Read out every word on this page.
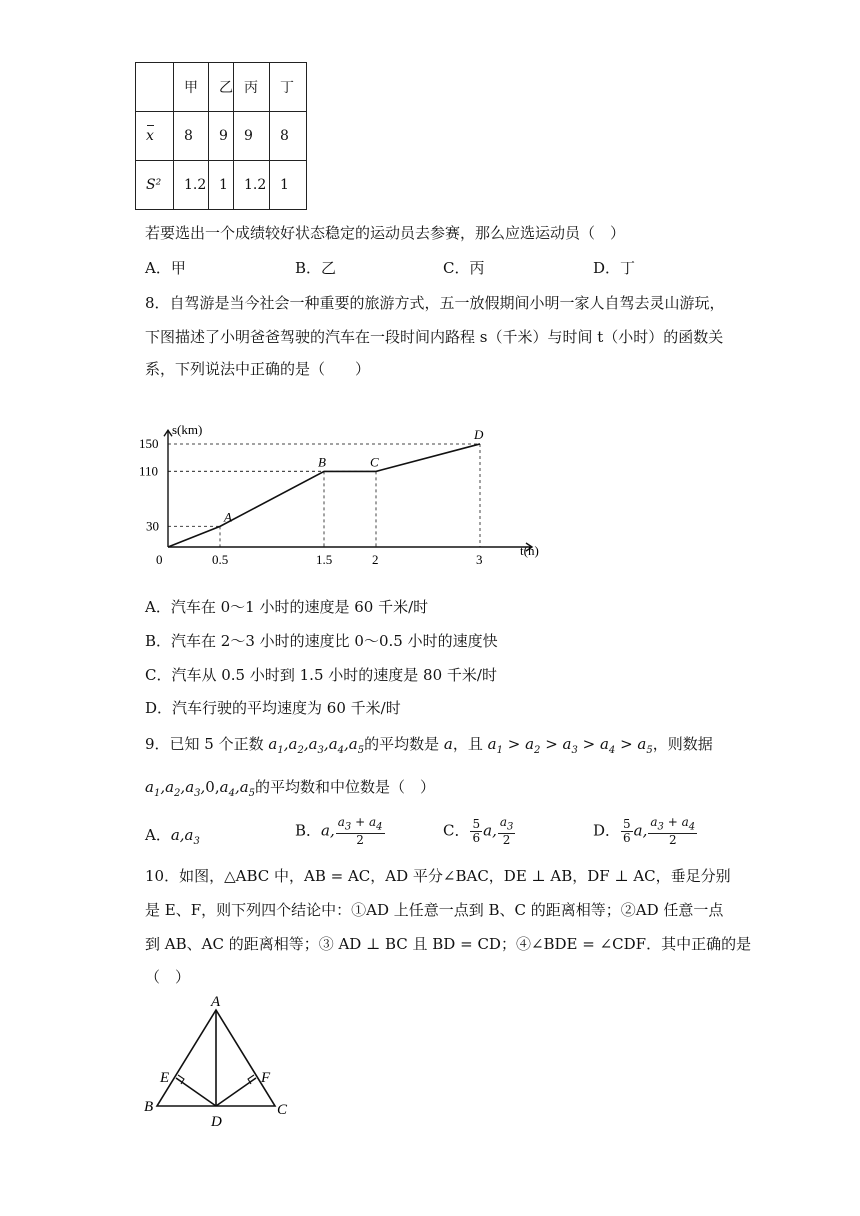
	甲	乙	丙	丁
x	8	9	9	8
S²	1.2	1	1.2	1
若要选出一个成绩较好状态稳定的运动员去参赛，那么应选运动员（　）
A．甲	B．乙	C．丙	D．丁
8．自驾游是当今社会一种重要的旅游方式，五一放假期间小明一家人自驾去灵山游玩，
下图描述了小明爸爸驾驶的汽车在一段时间内路程 s（千米）与时间 t（小时）的函数关
系，下列说法中正确的是（　　）
s(km)
t(h)
0	0.5	1.5	2	3
30
110
150
A
B	C
D
A．汽车在 0～1 小时的速度是 60 千米/时
B．汽车在 2～3 小时的速度比 0～0.5 小时的速度快
C．汽车从 0.5 小时到 1.5 小时的速度是 80 千米/时
D．汽车行驶的平均速度为 60 千米/时
9．已知 5 个正数 $a_1,a_2,a_3,a_4,a_5$的平均数是 a，且 $a_1 > a_2 > a_3 > a_4 > a_5$，则数据
$a_1,a_2,a_3,0,a_4,a_5$的平均数和中位数是（　）
A．$a,a_3$
B．a, $\frac{a_3 + a_4}{2}$	C． $\frac{5}{6} a$, $\frac{a_3}{2}$	D． $\frac{5}{6} a$, $\frac{a_3 + a_4}{2}$
10．如图，△ABC 中，AB = AC，AD 平分∠BAC，DE ⊥ AB，DF ⊥ AC，垂足分别
是 E、F，则下列四个结论中：①AD 上任意一点到 B、C 的距离相等；②AD 任意一点
到 AB、AC 的距离相等；③ AD ⊥ BC 且 BD = CD；④∠BDE = ∠CDF．其中正确的是
（　）
A
B	C
D
E	F
